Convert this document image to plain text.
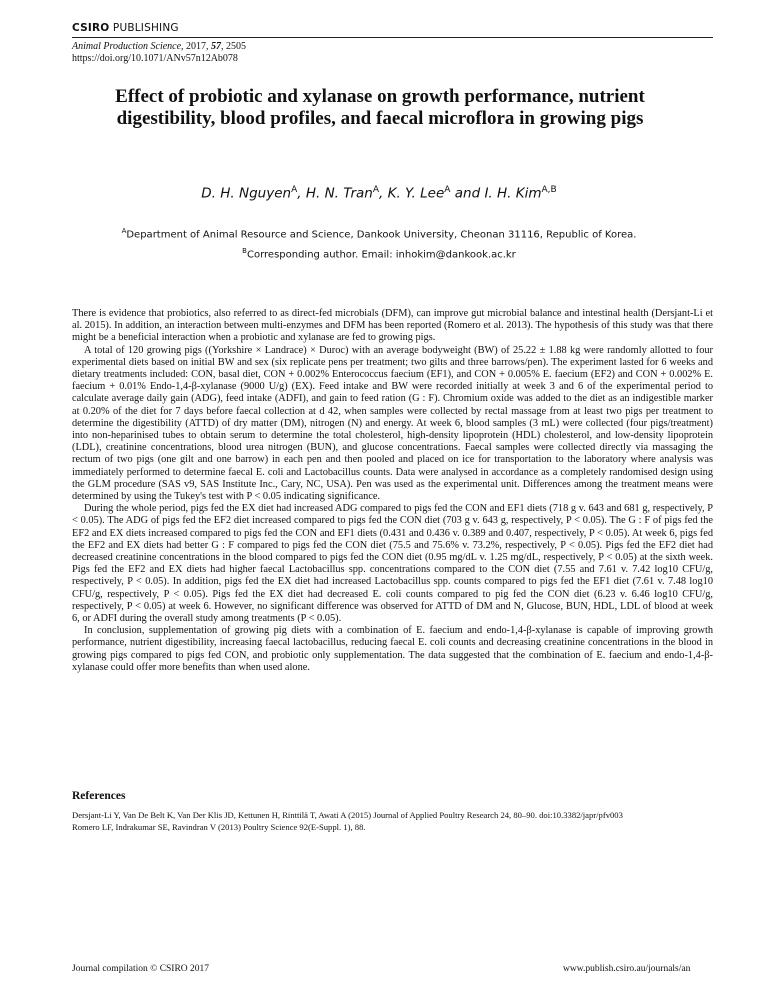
CSIRO PUBLISHING
Animal Production Science, 2017, 57, 2505
https://doi.org/10.1071/ANv57n12Ab078
Effect of probiotic and xylanase on growth performance, nutrient digestibility, blood profiles, and faecal microflora in growing pigs
D. H. Nguyen$^A$, H. N. Tran$^A$, K. Y. Lee$^A$ and I. H. Kim$^{A,B}$
$^A$Department of Animal Resource and Science, Dankook University, Cheonan 31116, Republic of Korea.
$^B$Corresponding author. Email: inhokim@dankook.ac.kr

There is evidence that probiotics, also referred to as direct-fed microbials (DFM), can improve gut microbial balance and intestinal health (Dersjant-Li et al. 2015). In addition, an interaction between multi-enzymes and DFM has been reported (Romero et al. 2013). The hypothesis of this study was that there might be a beneficial interaction when a probiotic and xylanase are fed to growing pigs.

A total of 120 growing pigs ((Yorkshire × Landrace) × Duroc) with an average bodyweight (BW) of 25.22 ± 1.88 kg were randomly allotted to four experimental diets based on initial BW and sex (six replicate pens per treatment; two gilts and three barrows/pen). The experiment lasted for 6 weeks and dietary treatments included: CON, basal diet, CON + 0.002% Enterococcus faecium (EF1), and CON + 0.005% E. faecium (EF2) and CON + 0.002% E. faecium + 0.01% Endo-1,4-β-xylanase (9000 U/g) (EX). Feed intake and BW were recorded initially at week 3 and 6 of the experimental period to calculate average daily gain (ADG), feed intake (ADFI), and gain to feed ration (G : F). Chromium oxide was added to the diet as an indigestible marker at 0.20% of the diet for 7 days before faecal collection at d 42, when samples were collected by rectal massage from at least two pigs per treatment to determine the digestibility (ATTD) of dry matter (DM), nitrogen (N) and energy. At week 6, blood samples (3 mL) were collected (four pigs/treatment) into non-heparinised tubes to obtain serum to determine the total cholesterol, high-density lipoprotein (HDL) cholesterol, and low-density lipoprotein (LDL), creatinine concentrations, blood urea nitrogen (BUN), and glucose concentrations. Faecal samples were collected directly via massaging the rectum of two pigs (one gilt and one barrow) in each pen and then pooled and placed on ice for transportation to the laboratory where analysis was immediately performed to determine faecal E. coli and Lactobacillus counts. Data were analysed in accordance as a completely randomised design using the GLM procedure (SAS v9, SAS Institute Inc., Cary, NC, USA). Pen was used as the experimental unit. Differences among the treatment means were determined by using the Tukey's test with P < 0.05 indicating significance.

During the whole period, pigs fed the EX diet had increased ADG compared to pigs fed the CON and EF1 diets (718 g v. 643 and 681 g, respectively, P < 0.05). The ADG of pigs fed the EF2 diet increased compared to pigs fed the CON diet (703 g v. 643 g, respectively, P < 0.05). The G : F of pigs fed the EF2 and EX diets increased compared to pigs fed the CON and EF1 diets (0.431 and 0.436 v. 0.389 and 0.407, respectively, P < 0.05). At week 6, pigs fed the EF2 and EX diets had better G : F compared to pigs fed the CON diet (75.5 and 75.6% v. 73.2%, respectively, P < 0.05). Pigs fed the EF2 diet had decreased creatinine concentrations in the blood compared to pigs fed the CON diet (0.95 mg/dL v. 1.25 mg/dL, respectively, P < 0.05) at the sixth week. Pigs fed the EF2 and EX diets had higher faecal Lactobacillus spp. concentrations compared to the CON diet (7.55 and 7.61 v. 7.42 log10 CFU/g, respectively, P < 0.05). In addition, pigs fed the EX diet had increased Lactobacillus spp. counts compared to pigs fed the EF1 diet (7.61 v. 7.48 log10 CFU/g, respectively, P < 0.05). Pigs fed the EX diet had decreased E. coli counts compared to pig fed the CON diet (6.23 v. 6.46 log10 CFU/g, respectively, P < 0.05) at week 6. However, no significant difference was observed for ATTD of DM and N, Glucose, BUN, HDL, LDL of blood at week 6, or ADFI during the overall study among treatments (P < 0.05).

In conclusion, supplementation of growing pig diets with a combination of E. faecium and endo-1,4-β-xylanase is capable of improving growth performance, nutrient digestibility, increasing faecal lactobacillus, reducing faecal E. coli counts and decreasing creatinine concentrations in the blood in growing pigs compared to pigs fed CON, and probiotic only supplementation. The data suggested that the combination of E. faecium and endo-1,4-β-xylanase could offer more benefits than when used alone.

References

Dersjant-Li Y, Van De Belt K, Van Der Klis JD, Kettunen H, Rinttilä T, Awati A (2015) Journal of Applied Poultry Research 24, 80–90. doi:10.3382/japr/pfv003

Romero LF, Indrakumar SE, Ravindran V (2013) Poultry Science 92(E-Suppl. 1), 88.

Journal compilation © CSIRO 2017	www.publish.csiro.au/journals/an
